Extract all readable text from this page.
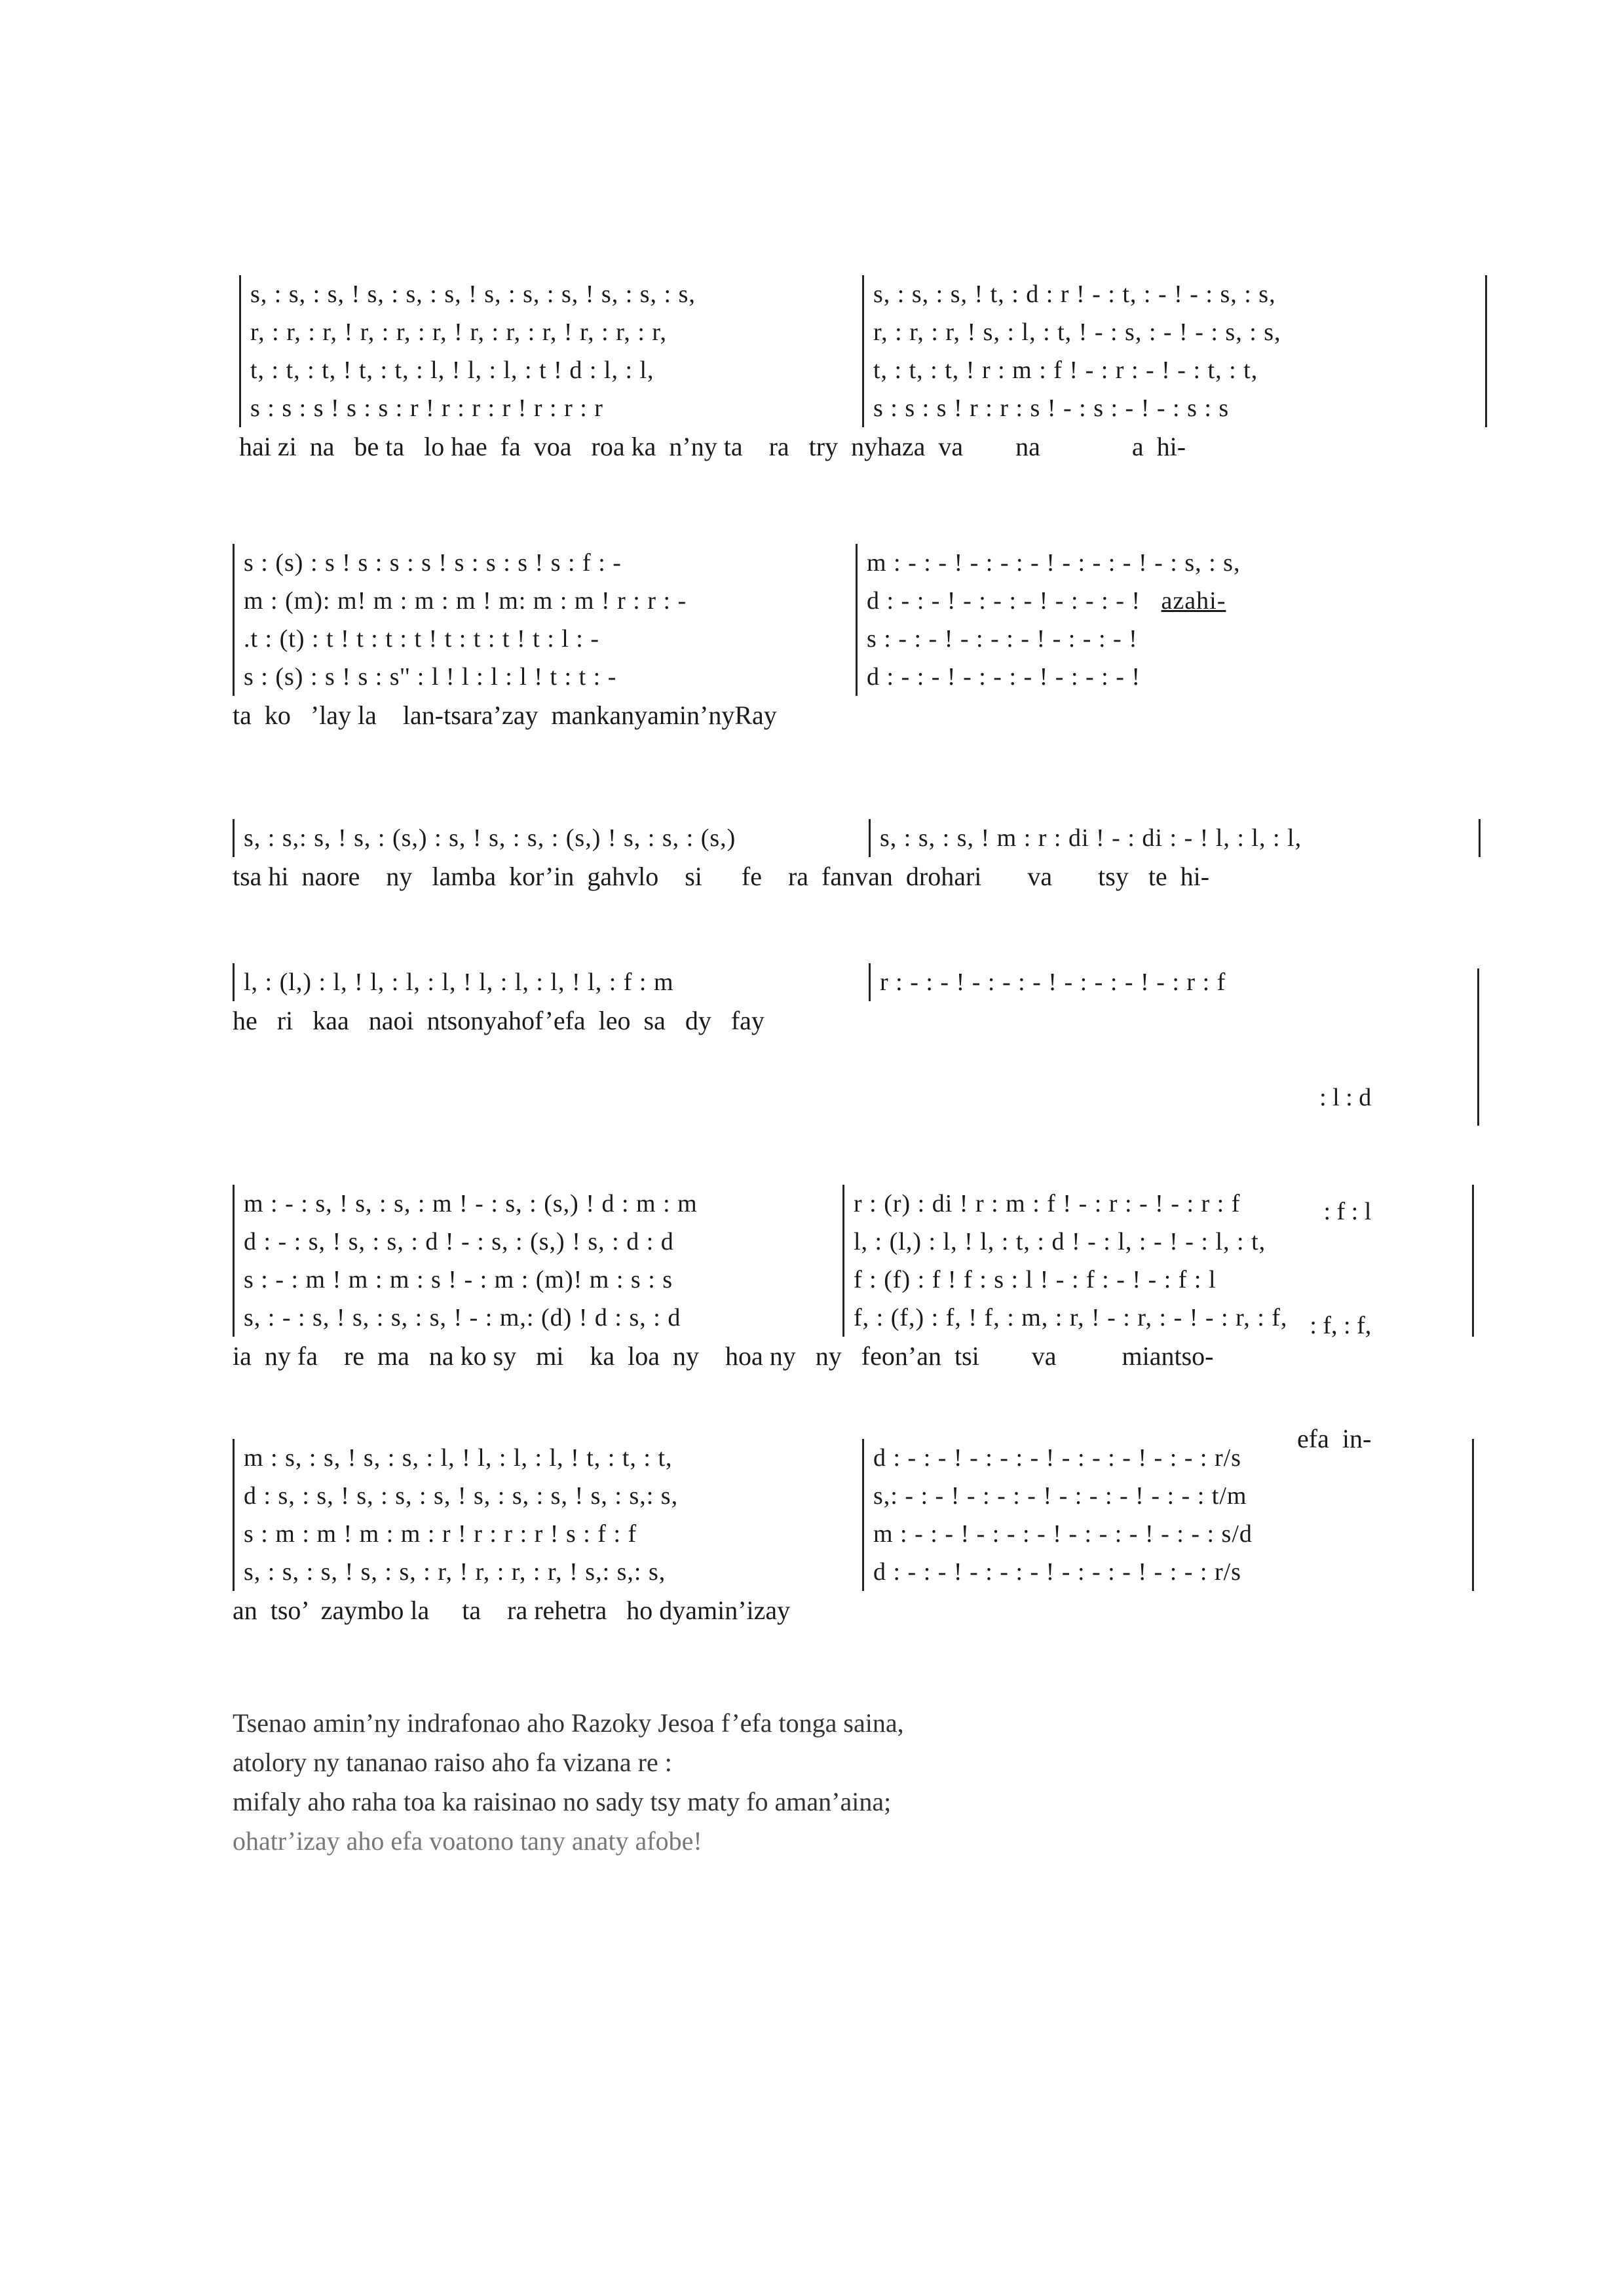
s, : s, : s, ! s, : s, : s, ! s, : s, : s, ! s, : s, : s,
r, : r, : r, ! r, : r, : r, ! r, : r, : r, ! r, : r, : r,
t, : t, : t, ! t, : t, : l, ! l, : l, : t ! d : l, : l,
s : s : s ! s : s : r ! r : r : r ! r : r : r
s, : s, : s, ! t, : d : r ! - : t, : - ! - : s, : s,
r, : r, : r, ! s, : l, : t, ! - : s, : - ! - : s, : s,
t, : t, : t, ! r : m : f ! - : r : - ! - : t, : t,
s : s : s ! r : r : s ! - : s : - ! - : s : s
hai zi  na   be ta   lo hae  fa  voa   roa ka  n’ny ta    ra   try  nyhaza  va        na              a  hi-
s : (s) : s ! s : s : s ! s : s : s ! s : f : -
m : (m): m! m : m : m ! m: m : m ! r : r : -
.t : (t) : t ! t : t : t ! t : t : t ! t : l : -
s : (s) : s ! s : s'' : l ! l : l : l ! t : t : -
m : - : - ! - : - : - ! - : - : - ! - : s, : s,
d : - : - ! - : - : - ! - : - : - ! azahi-
s : - : - ! - : - : - ! - : - : - !
d : - : - ! - : - : - ! - : - : - !
ta  ko   ’lay la    lan-tsara’zay  mankanyamin’nyRay
s, : s,: s, ! s, : (s,) : s, ! s, : s, : (s,) ! s, : s, : (s,)	s, : s, : s, ! m : r : di ! - : di : - ! l, : l, : l,
tsa hi  naore    ny   lamba  kor’in  gahvlo    si      fe    ra  fanvan  drohari       va       tsy   te  hi-
l, : (l,) : l, ! l, : l, : l, ! l, : l, : l, ! l, : f : m	r : - : - ! - : - : - ! - : - : - ! - : r : f
he   ri   kaa   naoi  ntsonyahof’efa  leo  sa   dy   fay

: l : d

: f : l

: f, : f,

efa  in-

m : - : s, ! s, : s, : m ! - : s, : (s,) ! d : m : m
d : - : s, ! s, : s, : d ! - : s, : (s,) ! s, : d : d
s : - : m ! m : m : s ! - : m : (m)! m : s : s
s, : - : s, ! s, : s, : s, ! - : m,: (d) ! d : s, : d
r : (r) : di ! r : m : f ! - : r : - ! - : r : f
l, : (l,) : l, ! l, : t, : d ! - : l, : - ! - : l, : t,
f : (f) : f ! f : s : l ! - : f : - ! - : f : l
f, : (f,) : f, ! f, : m, : r, ! - : r, : - ! - : r, : f,
ia  ny fa    re  ma   na ko sy   mi    ka  loa  ny    hoa ny   ny   feon’an  tsi        va          miantso-
m : s, : s, ! s, : s, : l, ! l, : l, : l, ! t, : t, : t,
d : s, : s, ! s, : s, : s, ! s, : s, : s, ! s, : s,: s,
s : m : m ! m : m : r ! r : r : r ! s : f : f
s, : s, : s, ! s, : s, : r, ! r, : r, : r, ! s,: s,: s,
d : - : - ! - : - : - ! - : - : - ! - : - : r/s
s,: - : - ! - : - : - ! - : - : - ! - : - : t/m
m : - : - ! - : - : - ! - : - : - ! - : - : s/d
d : - : - ! - : - : - ! - : - : - ! - : - : r/s
an  tso’  zaymbo la     ta    ra rehetra   ho dyamin’izay
Tsenao amin’ny indrafonao aho Razoky Jesoa f’efa tonga saina,
atolory ny tananao raiso aho fa vizana re :
mifaly aho raha toa ka raisinao no sady tsy maty fo aman’aina;
ohatr’izay aho efa voatono tany anaty afobe!
